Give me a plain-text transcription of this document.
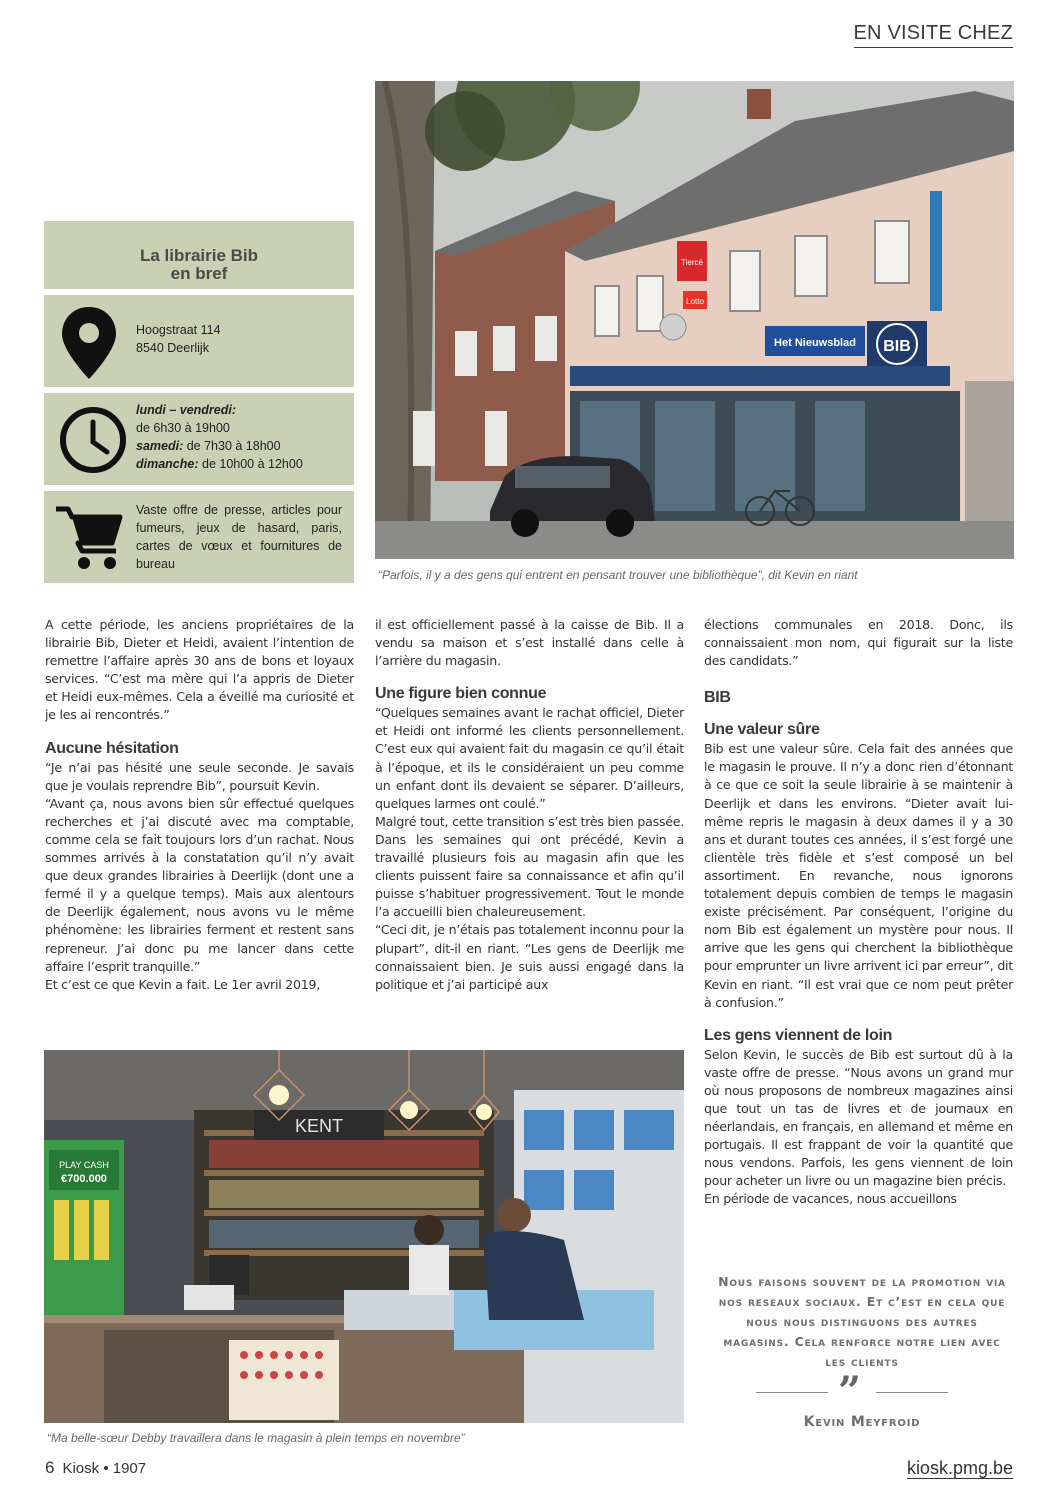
EN VISITE CHEZ
Tiercé
Lotto
Het Nieuwsblad BIB
“Parfois, il y a des gens qui entrent en pensant trouver une bibliothèque”, dit Kevin en riant
La librairie Bib
en bref
Hoogstraat 114
8540 Deerlijk
lundi – vendredi:
de 6h30 à 19h00
samedi: de 7h30 à 18h00
dimanche: de 10h00 à 12h00
Vaste offre de presse, articles pour fumeurs, jeux de hasard, paris, cartes de vœux et fournitures de bureau

A cette période, les anciens propriétaires de la librairie Bib, Dieter et Heidi, avaient l’intention de remettre l’affaire après 30 ans de bons et loyaux services. “C’est ma mère qui l’a appris de Dieter et Heidi eux-mêmes. Cela a éveillé ma curiosité et je les ai rencontrés.”

Aucune hésitation

“Je n’ai pas hésité une seule seconde. Je savais que je voulais reprendre Bib”, poursuit Kevin.

“Avant ça, nous avons bien sûr effectué quelques recherches et j’ai discuté avec ma comptable, comme cela se fait toujours lors d’un rachat. Nous sommes arrivés à la constatation qu’il n’y avait que deux grandes librairies à Deerlijk (dont une a fermé il y a quelque temps). Mais aux alentours de Deerlijk également, nous avons vu le même phénomène: les librairies ferment et restent sans repreneur. J’ai donc pu me lancer dans cette affaire l’esprit tranquille.”

Et c’est ce que Kevin a fait. Le 1er avril 2019,

il est officiellement passé à la caisse de Bib. Il a vendu sa maison et s’est installé dans celle à l’arrière du magasin.

Une figure bien connue

“Quelques semaines avant le rachat officiel, Dieter et Heidi ont informé les clients personnellement. C’est eux qui avaient fait du magasin ce qu’il était à l’époque, et ils le considéraient un peu comme un enfant dont ils devaient se séparer. D’ailleurs, quelques larmes ont coulé.”

Malgré tout, cette transition s’est très bien passée. Dans les semaines qui ont précédé, Kevin a travaillé plusieurs fois au magasin afin que les clients puissent faire sa connaissance et afin qu’il puisse s’habituer progressivement. Tout le monde l’a accueilli bien chaleureusement.

“Ceci dit, je n’étais pas totalement inconnu pour la plupart”, dit-il en riant. “Les gens de Deerlijk me connaissaient bien. Je suis aussi engagé dans la politique et j’ai participé aux

élections communales en 2018. Donc, ils connaissaient mon nom, qui figurait sur la liste des candidats.”

BIB
Une valeur sûre

Bib est une valeur sûre. Cela fait des années que le magasin le prouve. Il n’y a donc rien d’étonnant à ce que ce soit la seule librairie à se maintenir à Deerlijk et dans les environs. “Dieter avait lui-même repris le magasin à deux dames il y a 30 ans et durant toutes ces années, il s’est forgé une clientèle très fidèle et s’est composé un bel assortiment. En revanche, nous ignorons totalement depuis combien de temps le magasin existe précisément. Par conséquent, l’origine du nom Bib est également un mystère pour nous. Il arrive que les gens qui cherchent la bibliothèque pour emprunter un livre arrivent ici par erreur”, dit Kevin en riant. “Il est vrai que ce nom peut prêter à confusion.”

Les gens viennent de loin

Selon Kevin, le succès de Bib est surtout dû à la vaste offre de presse. “Nous avons un grand mur où nous proposons de nombreux magazines ainsi que tout un tas de livres et de journaux en néerlandais, en français, en allemand et même en portugais. Il est frappant de voir la quantité que nous vendons. Parfois, les gens viennent de loin pour acheter un livre ou un magazine bien précis.

En période de vacances, nous accueillons

KENT
PLAY CASH
€700.000
“Ma belle-sœur Debby travaillera dans le magasin à plein temps en novembre”
Nous faisons souvent de la promotion via nos reseaux sociaux. Et c’est en cela que nous nous distinguons des autres magasins. Cela renforce notre lien avec les clients
”
Kevin Meyfroid
6 Kiosk • 1907	kiosk.pmg.be
